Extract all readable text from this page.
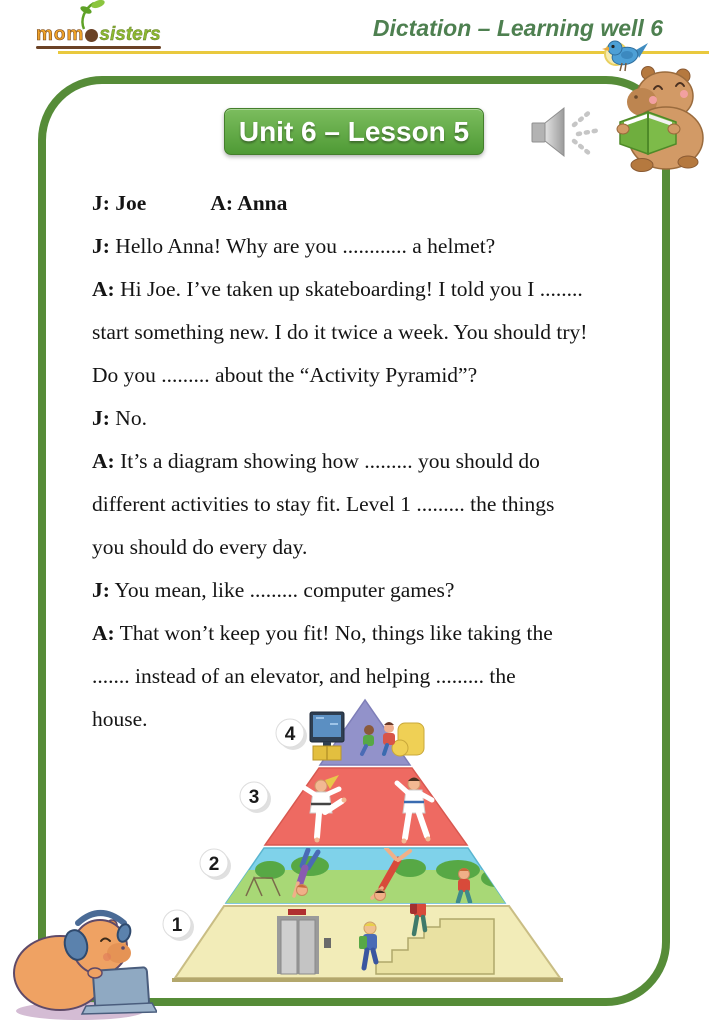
mom sisters	Dictation – Learning well 6
Unit 6 – Lesson 5

J: Joe	A: Anna

J: Hello Anna! Why are you ............ a helmet?

A: Hi Joe. I’ve taken up skateboarding! I told you I ........

start something new. I do it twice a week. You should try!

Do you ......... about the “Activity Pyramid”?

J: No.

A: It’s a diagram showing how ......... you should do

different activities to stay fit. Level 1 ......... the things

you should do every day.

J: You mean, like ......... computer games?

A: That won’t keep you fit! No, things like taking the

....... instead of an elevator, and helping ......... the

house.

4
3
2
1
